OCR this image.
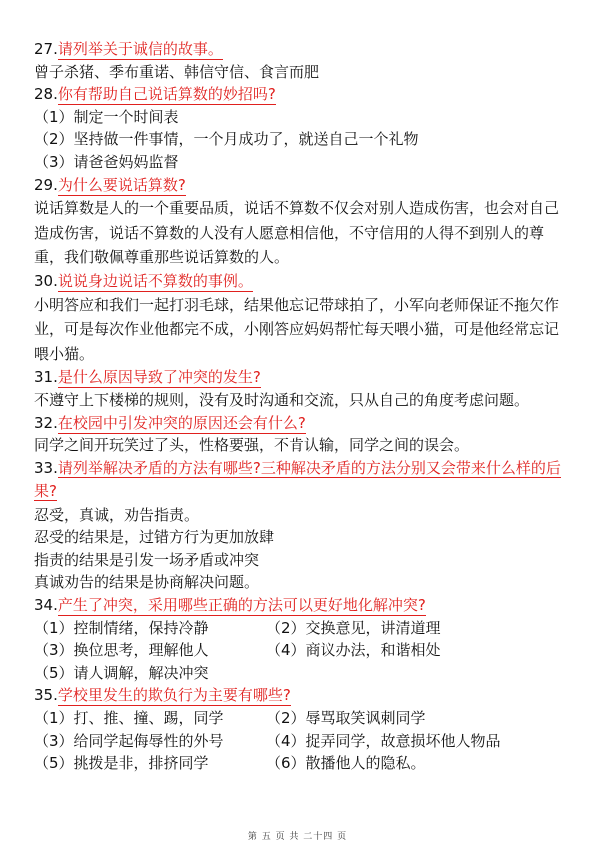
27.请列举关于诚信的故事。
曾子杀猪、季布重诺、韩信守信、食言而肥
28.你有帮助自己说话算数的妙招吗?
（1）制定一个时间表
（2）坚持做一件事情，一个月成功了，就送自己一个礼物
（3）请爸爸妈妈监督
29.为什么要说话算数?
说话算数是人的一个重要品质，说话不算数不仅会对别人造成伤害，也会对自己造成伤害，说话不算数的人没有人愿意相信他，不守信用的人得不到别人的尊重，我们敬佩尊重那些说话算数的人。
30.说说身边说话不算数的事例。
小明答应和我们一起打羽毛球，结果他忘记带球拍了，小军向老师保证不拖欠作业，可是每次作业他都完不成，小刚答应妈妈帮忙每天喂小猫，可是他经常忘记喂小猫。
31.是什么原因导致了冲突的发生?
不遵守上下楼梯的规则，没有及时沟通和交流，只从自己的角度考虑问题。
32.在校园中引发冲突的原因还会有什么?
同学之间开玩笑过了头，性格要强，不肯认输，同学之间的误会。
33.请列举解决矛盾的方法有哪些?三种解决矛盾的方法分别又会带来什么样的后果?
忍受，真诚，劝告指责。
忍受的结果是，过错方行为更加放肆
指责的结果是引发一场矛盾或冲突
真诚劝告的结果是协商解决问题。
34.产生了冲突，采用哪些正确的方法可以更好地化解冲突?
（1）控制情绪，保持冷静	（2）交换意见，讲清道理
（3）换位思考，理解他人	（4）商议办法，和谐相处
（5）请人调解，解决冲突
35.学校里发生的欺负行为主要有哪些?
（1）打、推、撞、踢，同学	（2）辱骂取笑讽刺同学
（3）给同学起侮辱性的外号	（4）捉弄同学，故意损坏他人物品
（5）挑拨是非，排挤同学	（6）散播他人的隐私。
第 五 页 共 二十四 页
